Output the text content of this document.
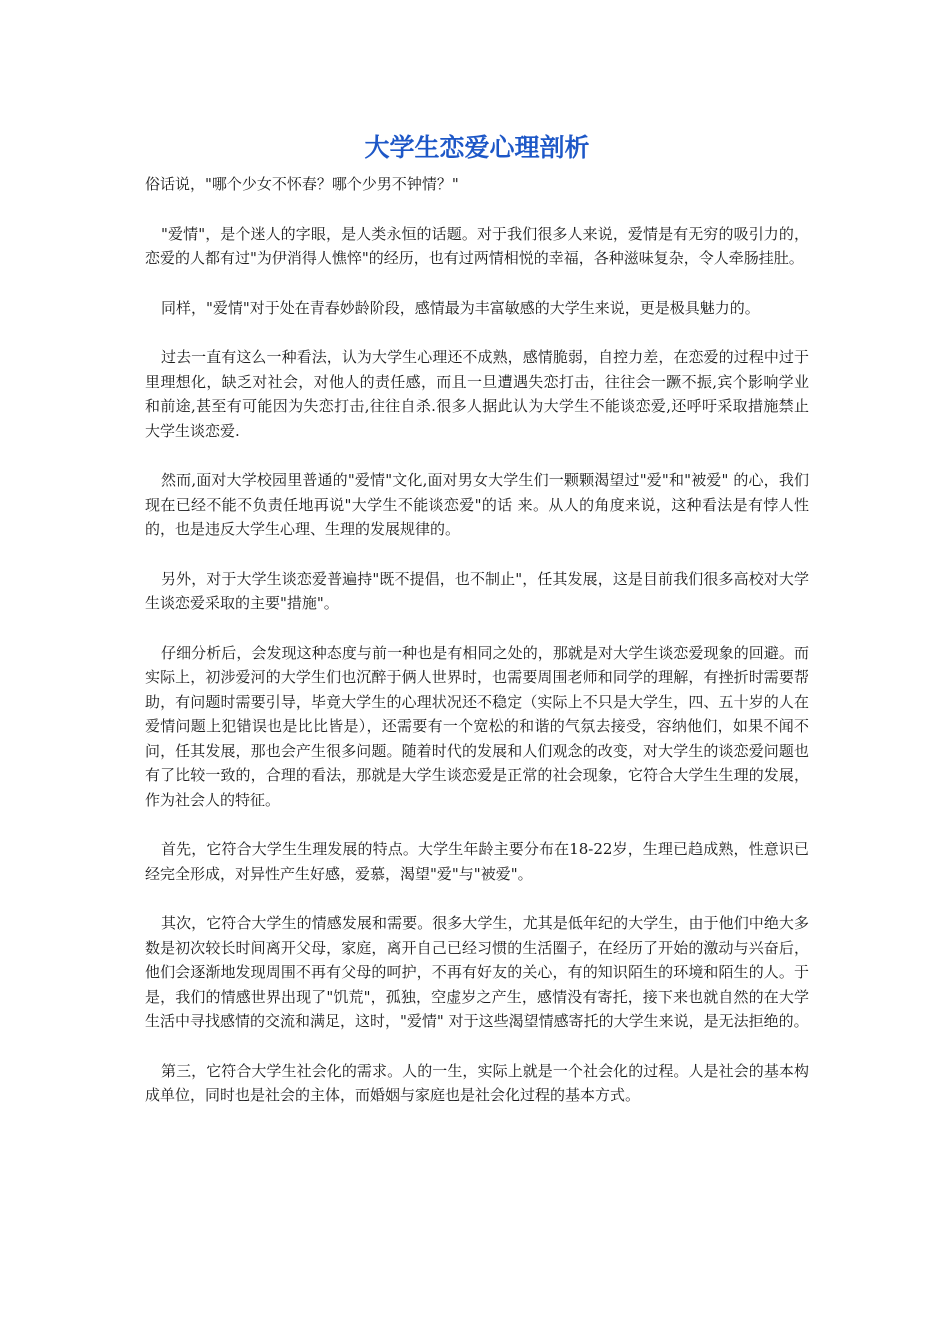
大学生恋爱心理剖析

俗话说，"哪个少女不怀春？哪个少男不钟情？"

"爱情"，是个迷人的字眼，是人类永恒的话题。对于我们很多人来说，爱情是有无穷的吸引力的，恋爱的人都有过"为伊消得人憔悴"的经历，也有过两情相悦的幸福，各种滋味复杂，令人牵肠挂肚。

同样，"爱情"对于处在青春妙龄阶段，感情最为丰富敏感的大学生来说，更是极具魅力的。

过去一直有这么一种看法，认为大学生心理还不成熟，感情脆弱，自控力差，在恋爱的过程中过于里理想化，缺乏对社会，对他人的责任感，而且一旦遭遇失恋打击，往往会一蹶不振,宾个影响学业和前途,甚至有可能因为失恋打击,往往自杀.很多人据此认为大学生不能谈恋爱,还呼吁采取措施禁止大学生谈恋爱.

然而,面对大学校园里普通的"爱情"文化,面对男女大学生们一颗颗渴望过"爱"和"被爱" 的心，我们现在已经不能不负责任地再说"大学生不能谈恋爱"的话 来。从人的角度来说，这种看法是有悖人性的，也是违反大学生心理、生理的发展规律的。

另外，对于大学生谈恋爱普遍持"既不提倡，也不制止"，任其发展，这是目前我们很多高校对大学生谈恋爱采取的主要"措施"。

仔细分析后，会发现这种态度与前一种也是有相同之处的，那就是对大学生谈恋爱现象的回避。而实际上，初涉爱河的大学生们也沉醉于俩人世界时，也需要周围老师和同学的理解，有挫折时需要帮助，有问题时需要引导，毕竟大学生的心理状况还不稳定（实际上不只是大学生，四、五十岁的人在爱情问题上犯错误也是比比皆是），还需要有一个宽松的和谐的气氛去接受，容纳他们，如果不闻不问，任其发展，那也会产生很多问题。随着时代的发展和人们观念的改变，对大学生的谈恋爱问题也有了比较一致的，合理的看法，那就是大学生谈恋爱是正常的社会现象，它符合大学生生理的发展，作为社会人的特征。

首先，它符合大学生生理发展的特点。大学生年龄主要分布在18-22岁，生理已趋成熟，性意识已经完全形成，对异性产生好感，爱慕，渴望"爱"与"被爱"。

其次，它符合大学生的情感发展和需要。很多大学生，尤其是低年纪的大学生，由于他们中绝大多数是初次较长时间离开父母，家庭，离开自己已经习惯的生活圈子，在经历了开始的激动与兴奋后，他们会逐渐地发现周围不再有父母的呵护，不再有好友的关心，有的知识陌生的环境和陌生的人。于是，我们的情感世界出现了"饥荒"，孤独，空虚岁之产生，感情没有寄托，接下来也就自然的在大学生活中寻找感情的交流和满足，这时，"爱情" 对于这些渴望情感寄托的大学生来说，是无法拒绝的。

第三，它符合大学生社会化的需求。人的一生，实际上就是一个社会化的过程。人是社会的基本构成单位，同时也是社会的主体，而婚姻与家庭也是社会化过程的基本方式。
